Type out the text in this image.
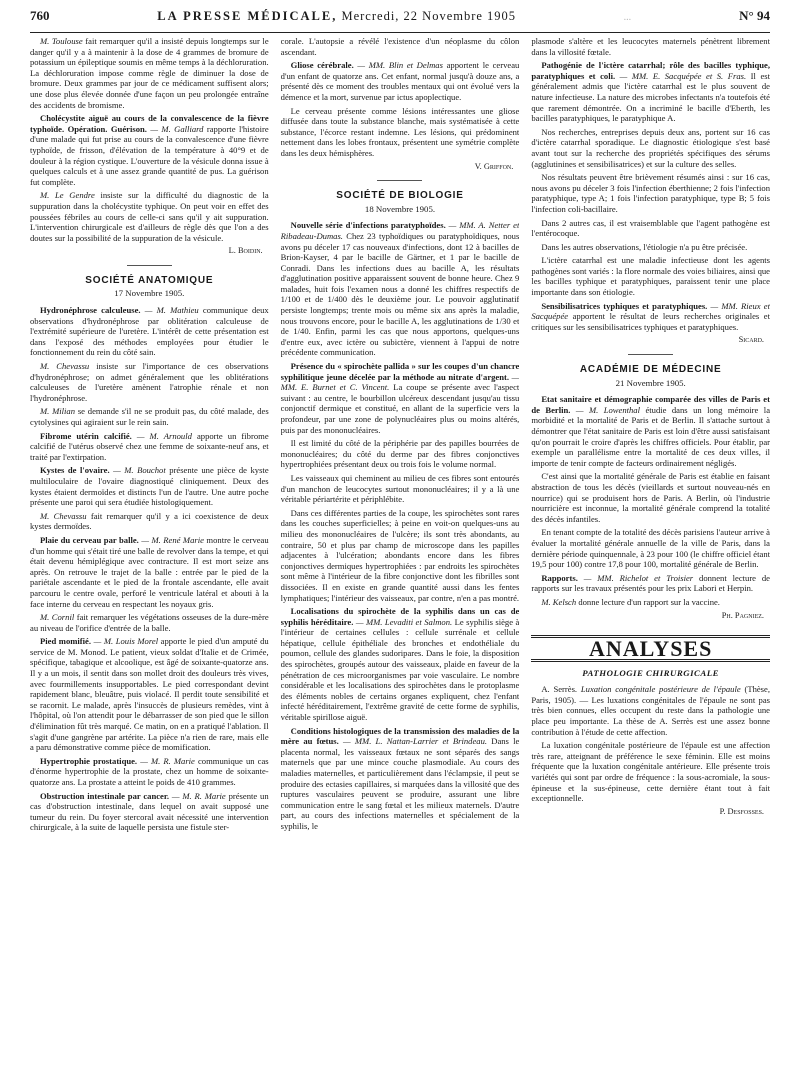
760	LA PRESSE MÉDICALE, Mercredi, 22 Novembre 1905	...	N° 94

M. Toulouse fait remarquer qu'il a insisté depuis longtemps sur le danger qu'il y a à maintenir à la dose de 4 grammes de bromure de potassium un épileptique soumis en même temps à la déchloruration. La déchloruration impose comme règle de diminuer la dose de bromure. Deux grammes par jour de ce médicament suffisent alors; une dose plus élevée donnée d'une façon un peu prolongée entraîne des accidents de bromisme.

Cholécystite aiguë au cours de la convalescence de la fièvre typhoïde. Opération. Guérison. — M. Galliard rapporte l'histoire d'une malade qui fut prise au cours de la convalescence d'une fièvre typhoïde, de frisson, d'élévation de la température à 40°9 et de douleur à la région cystique. L'ouverture de la vésicule donna issue à quelques calculs et à une assez grande quantité de pus. La guérison fut complète.

M. Le Gendre insiste sur la difficulté du diagnostic de la suppuration dans la cholécystite typhique. On peut voir en effet des poussées fébriles au cours de celle-ci sans qu'il y ait suppuration. L'intervention chirurgicale est d'ailleurs de règle dès que l'on a des doutes sur la possibilité de la suppuration de la vésicule.

L. Boidin.
SOCIÉTÉ ANATOMIQUE
17 Novembre 1905.

Hydronéphrose calculeuse. — M. Mathieu communique deux observations d'hydronéphrose par oblitération calculeuse de l'extrémité supérieure de l'uretère. L'intérêt de cette présentation est dans l'exposé des méthodes employées pour étudier le fonctionnement du rein du côté sain.

M. Chevassu insiste sur l'importance de ces observations d'hydronéphrose; on admet généralement que les oblitérations calculeuses de l'uretère amènent l'atrophie rénale et non l'hydronéphrose.

M. Milian se demande s'il ne se produit pas, du côté malade, des cytolysines qui agiraient sur le rein sain.

Fibrome utérin calcifié. — M. Arnould apporte un fibrome calcifié de l'utérus observé chez une femme de soixante-neuf ans, et traité par l'extirpation.

Kystes de l'ovaire. — M. Bouchot présente une pièce de kyste multiloculaire de l'ovaire diagnostiqué cliniquement. Deux des kystes étaient dermoïdes et distincts l'un de l'autre. Une autre poche présente une paroi qui sera étudiée histologiquement.

M. Chevassu fait remarquer qu'il y a ici coexistence de deux kystes dermoïdes.

Plaie du cerveau par balle. — M. René Marie montre le cerveau d'un homme qui s'était tiré une balle de revolver dans la tempe, et qui était devenu hémiplégique avec contracture. Il est mort seize ans après. On retrouve le trajet de la balle : entrée par le pied de la pariétale ascendante et le pied de la frontale ascendante, elle avait parcouru le centre ovale, perforé le ventricule latéral et abouti à la face interne du cerveau en respectant les noyaux gris.

M. Cornil fait remarquer les végétations osseuses de la dure-mère au niveau de l'orifice d'entrée de la balle.

Pied momifié. — M. Louis Morel apporte le pied d'un amputé du service de M. Monod. Le patient, vieux soldat d'Italie et de Crimée, spécifique, tabagique et alcoolique, est âgé de soixante-quatorze ans. Il y a un mois, il sentit dans son mollet droit des douleurs très vives, avec fourmillements insupportables. Le pied correspondant devint rapidement blanc, bleuâtre, puis violacé. Il perdit toute sensibilité et se racornit. Le malade, après l'insuccès de plusieurs remèdes, vint à l'hôpital, où l'on attendit pour le débarrasser de son pied que le sillon d'élimination fût très marqué. Ce matin, on en a pratiqué l'ablation. Il s'agit d'une gangrène par artérite. La pièce n'a rien de rare, mais elle a paru démonstrative comme pièce de momification.

Hypertrophie prostatique. — M. R. Marie communique un cas d'énorme hypertrophie de la prostate, chez un homme de soixante-quatorze ans. La prostate a atteint le poids de 410 grammes.

Obstruction intestinale par cancer. — M. R. Marie présente un cas d'obstruction intestinale, dans lequel on avait supposé une tumeur du rein. Du foyer stercoral avait nécessité une intervention chirurgicale, à la suite de laquelle persista une fistule ster-

corale. L'autopsie a révélé l'existence d'un néoplasme du côlon ascendant.

Gliose cérébrale. — MM. Blin et Delmas apportent le cerveau d'un enfant de quatorze ans. Cet enfant, normal jusqu'à douze ans, a présenté dès ce moment des troubles mentaux qui ont évolué vers la démence et la mort, survenue par ictus apoplectique.

Le cerveau présente comme lésions intéressantes une gliose diffusée dans toute la substance blanche, mais systématisée à cette substance, l'écorce restant indemne. Les lésions, qui prédominent nettement dans les lobes frontaux, présentent une symétrie complète dans les deux hémisphères.

V. Griffon.
SOCIÉTÉ DE BIOLOGIE
18 Novembre 1905.

Nouvelle série d'infections paratyphoïdes. — MM. A. Netter et Ribadeau-Dumas. Chez 23 typhoïdiques ou paratyphoïdiques, nous avons pu déceler 17 cas nouveaux d'infections, dont 12 à bacilles de Brion-Kayser, 4 par le bacille de Gärtner, et 1 par le bacille de Conradi. Dans les infections dues au bacille A, les résultats d'agglutination positive apparaissent souvent de bonne heure. Chez 9 malades, huit fois l'examen nous a donné les chiffres respectifs de 1/100 et de 1/400 dès le deuxième jour. Le pouvoir agglutinatif persiste longtemps; trente mois ou même six ans après la maladie, nous trouvons encore, pour le bacille A, les agglutinations de 1/30 et de 1/40. Enfin, parmi les cas que nous apportons, quelques-uns d'entre eux, avec ictère ou subictère, viennent à l'appui de notre précédente communication.

Présence du « spirochète pallida » sur les coupes d'un chancre syphilitique jeune décelée par la méthode au nitrate d'argent. — MM. E. Burnet et C. Vincent. La coupe se présente avec l'aspect suivant : au centre, le bourbillon ulcéreux descendant jusqu'au tissu conjonctif dermique et constitué, en allant de la superficie vers la profondeur, par une zone de polynucléaires plus ou moins altérés, puis par des mononucléaires.

Il est limité du côté de la périphérie par des papilles bourrées de mononucléaires; du côté du derme par des fibres conjonctives hypertrophiées présentant deux ou trois fois le volume normal.

Les vaisseaux qui cheminent au milieu de ces fibres sont entourés d'un manchon de leucocytes surtout mononucléaires; il y a là une véritable périartérite et périphlébite.

Dans ces différentes parties de la coupe, les spirochètes sont rares dans les couches superficielles; à peine en voit-on quelques-uns au milieu des mononucléaires de l'ulcère; ils sont très abondants, au contraire, 50 et plus par champ de microscope dans les papilles adjacentes à l'ulcération; abondants encore dans les fibres conjonctives dermiques hypertrophiées : par endroits les spirochètes sont même à l'intérieur de la fibre conjonctive dont les fibrilles sont dissociées. Il en existe en grande quantité aussi dans les fentes lymphatiques; l'intérieur des vaisseaux, par contre, n'en a pas montré.

Localisations du spirochète de la syphilis dans un cas de syphilis héréditaire. — MM. Levaditi et Salmon. Le syphilis siège à l'intérieur de certaines cellules : cellule surrénale et cellule hépatique, cellule épithéliale des bronches et endothéliale du poumon, cellule des glandes sudoripares. Dans le foie, la disposition des spirochètes, groupés autour des vaisseaux, plaide en faveur de la pénétration de ces microorganismes par voie vasculaire. Le nombre considérable et les localisations des spirochètes dans le protoplasme des éléments nobles de certains organes expliquent, chez l'enfant infecté héréditairement, l'extrême gravité de cette forme de syphilis, véritable spirillose aiguë.

Conditions histologiques de la transmission des maladies de la mère au fœtus. — MM. L. Nattan-Larrier et Brindeau. Dans le placenta normal, les vaisseaux fœtaux ne sont séparés des sangs maternels que par une mince couche plasmodiale. Au cours des maladies maternelles, et particulièrement dans l'éclampsie, il peut se produire des ectasies capillaires, si marquées dans la villosité que des ruptures vasculaires peuvent se produire, assurant une libre communication entre le sang fœtal et les milieux maternels. D'autre part, au cours des infections maternelles et spécialement de la syphilis, le

plasmode s'altère et les leucocytes maternels pénètrent librement dans la villosité fœtale.

Pathogénie de l'ictère catarrhal; rôle des bacilles typhique, paratyphiques et coli. — MM. E. Sacquépée et S. Fras. Il est généralement admis que l'ictère catarrhal est le plus souvent de nature infectieuse. La nature des microbes infectants n'a toutefois été que rarement démontrée. On a incriminé le bacille d'Eberth, les bacilles paratyphiques, le paratyphique A.

Nos recherches, entreprises depuis deux ans, portent sur 16 cas d'ictère catarrhal sporadique. Le diagnostic étiologique s'est basé avant tout sur la recherche des propriétés spécifiques des sérums (agglutinines et sensibilisatrices) et sur la culture des selles.

Nos résultats peuvent être brièvement résumés ainsi : sur 16 cas, nous avons pu déceler 3 fois l'infection éberthienne; 2 fois l'infection paratyphique, type A; 1 fois l'infection paratyphique, type B; 5 fois l'infection coli-bacillaire.

Dans 2 autres cas, il est vraisemblable que l'agent pathogène est l'entérocoque.

Dans les autres observations, l'étiologie n'a pu être précisée.

L'ictère catarrhal est une maladie infectieuse dont les agents pathogènes sont variés : la flore normale des voies biliaires, ainsi que les bacilles typhique et paratyphiques, paraissent tenir une place importante dans son étiologie.

Sensibilisatrices typhiques et paratyphiques. — MM. Rieux et Sacquépée apportent le résultat de leurs recherches originales et critiques sur les sensibilisatrices typhiques et paratyphiques.

Sicard.
ACADÉMIE DE MÉDECINE
21 Novembre 1905.

Etat sanitaire et démographie comparée des villes de Paris et de Berlin. — M. Lowenthal étudie dans un long mémoire la morbidité et la mortalité de Paris et de Berlin. Il s'attache surtout à démontrer que l'état sanitaire de Paris est loin d'être aussi satisfaisant qu'on pourrait le croire d'après les chiffres officiels. Pour établir, par exemple un parallélisme entre la mortalité de ces deux villes, il importe de tenir compte de facteurs ordinairement négligés.

C'est ainsi que la mortalité générale de Paris est établie en faisant abstraction de tous les décès (vieillards et surtout nouveau-nés en nourrice) qui se produisent hors de Paris. A Berlin, où l'industrie nourricière est inconnue, la mortalité générale comprend la totalité des décès infantiles.

En tenant compte de la totalité des décès parisiens l'auteur arrive à évaluer la mortalité générale annuelle de la ville de Paris, dans la dernière période quinquennale, à 23 pour 100 (le chiffre officiel étant 19,5 pour 100) contre 17,8 pour 100, mortalité générale de Berlin.

Rapports. — MM. Richelot et Troisier donnent lecture de rapports sur les travaux présentés pour les prix Labori et Herpin.

M. Kelsch donne lecture d'un rapport sur la vaccine.

Ph. Pagniez.
ANALYSES
PATHOLOGIE CHIRURGICALE

A. Serrès. Luxation congénitale postérieure de l'épaule (Thèse, Paris, 1905). — Les luxations congénitales de l'épaule ne sont pas très bien connues, elles occupent du reste dans la pathologie une place peu importante. La thèse de A. Serrès est une assez bonne contribution à l'étude de cette affection.

La luxation congénitale postérieure de l'épaule est une affection très rare, atteignant de préférence le sexe féminin. Elle est moins fréquente que la luxation congénitale antérieure. Elle présente trois variétés qui sont par ordre de fréquence : la sous-acromiale, la sous-épineuse et la sus-épineuse, cette dernière étant tout à fait exceptionnelle.

P. Desfosses.
